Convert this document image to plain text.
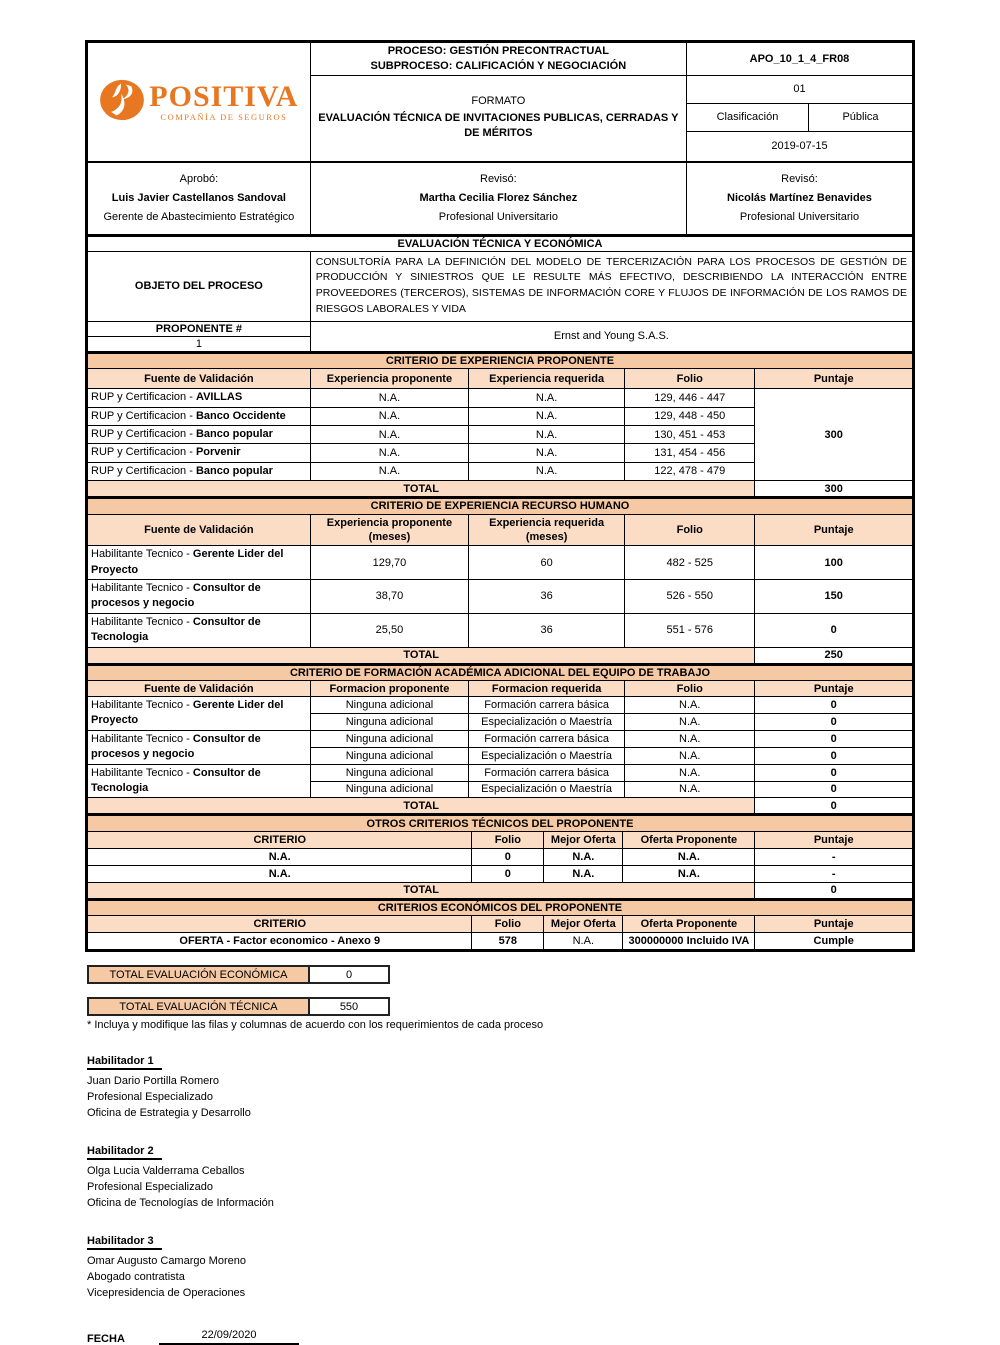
POSITIVA
COMPAÑÍA DE SEGUROS

PROCESO: GESTIÓN PRECONTRACTUAL
SUBPROCESO: CALIFICACIÓN Y NEGOCIACIÓN
	APO_10_1_4_FR08

	FORMATO
EVALUACIÓN TÉCNICA DE INVITACIONES PUBLICAS, CERRADAS Y DE MÉRITOS	01	
		Clasificación	Pública
		2019-07-15	
Aprobó:
Luis Javier Castellanos Sandoval
Gerente de Abastecimiento Estratégico

Revisó:
Martha Cecilia Florez Sánchez
Profesional Universitario

Revisó:
Nicolás Martínez Benavides
Profesional Universitario
EVALUACIÓN TÉCNICA Y ECONÓMICA	
OBJETO DEL PROCESO	CONSULTORÍA PARA LA DEFINICIÓN DEL MODELO DE TERCERIZACIÓN PARA LOS PROCESOS DE GESTIÓN DE PRODUCCIÓN Y SINIESTROS QUE LE RESULTE MÁS EFECTIVO, DESCRIBIENDO LA INTERACCIÓN ENTRE PROVEEDORES (TERCEROS), SISTEMAS DE INFORMACIÓN CORE Y FLUJOS DE INFORMACIÓN DE LOS RAMOS DE RIESGOS LABORALES Y VIDA
PROPONENTE #	Ernst and Young S.A.S.
1	
CRITERIO DE EXPERIENCIA PROPONENTE				
Fuente de Validación	Experiencia proponente	Experiencia requerida	Folio	Puntaje
RUP y Certificacion - AVILLAS	N.A.	N.A.	129, 446 - 447	300
RUP y Certificacion - Banco Occidente	N.A.	N.A.	129, 448 - 450	
RUP y Certificacion - Banco popular	N.A.	N.A.	130, 451 - 453	
RUP y Certificacion - Porvenir	N.A.	N.A.	131, 454 - 456	
RUP y Certificacion - Banco popular	N.A.	N.A.	122, 478 - 479	
TOTAL				300
CRITERIO DE EXPERIENCIA RECURSO HUMANO				
Fuente de Validación	Experiencia proponente (meses)	Experiencia requerida (meses)	Folio	Puntaje
Habilitante Tecnico - Gerente Lider del Proyecto	129,70	60	482 - 525	100
Habilitante Tecnico - Consultor de procesos y negocio	38,70	36	526 - 550	150
Habilitante Tecnico - Consultor de Tecnologia	25,50	36	551 - 576	0
TOTAL				250
CRITERIO DE FORMACIÓN ACADÉMICA ADICIONAL DEL EQUIPO DE TRABAJO				
Fuente de Validación	Formacion proponente	Formacion requerida	Folio	Puntaje
Habilitante Tecnico - Gerente Lider del Proyecto	Ninguna adicional	Formación carrera básica	N.A.	0
	Ninguna adicional	Especialización o Maestría	N.A.	0
Habilitante Tecnico - Consultor de procesos y negocio	Ninguna adicional	Formación carrera básica	N.A.	0
	Ninguna adicional	Especialización o Maestría	N.A.	0
Habilitante Tecnico - Consultor de Tecnologia	Ninguna adicional	Formación carrera básica	N.A.	0
	Ninguna adicional	Especialización o Maestría	N.A.	0
TOTAL				0
OTROS CRITERIOS TÉCNICOS DEL PROPONENTE				
CRITERIO	Folio	Mejor Oferta	Oferta Proponente	Puntaje
N.A.	0	N.A.	N.A.	-
N.A.	0	N.A.	N.A.	-
TOTAL				0
CRITERIOS ECONÓMICOS DEL PROPONENTE				
CRITERIO	Folio	Mejor Oferta	Oferta Proponente	Puntaje
OFERTA - Factor economico - Anexo 9	578	N.A.	300000000 Incluido IVA	Cumple
TOTAL EVALUACIÓN ECONÓMICA	0
TOTAL EVALUACIÓN TÉCNICA	550
* Incluya y modifique las filas y columnas de acuerdo con los requerimientos de cada proceso
Habilitador 1
Juan Dario Portilla Romero
Profesional Especializado
Oficina de Estrategia y Desarrollo
Habilitador 2
Olga Lucia Valderrama Ceballos
Profesional Especializado
Oficina de Tecnologías de Información
Habilitador 3
Omar Augusto Camargo Moreno
Abogado contratista
Vicepresidencia de Operaciones
FECHA	22/09/2020
